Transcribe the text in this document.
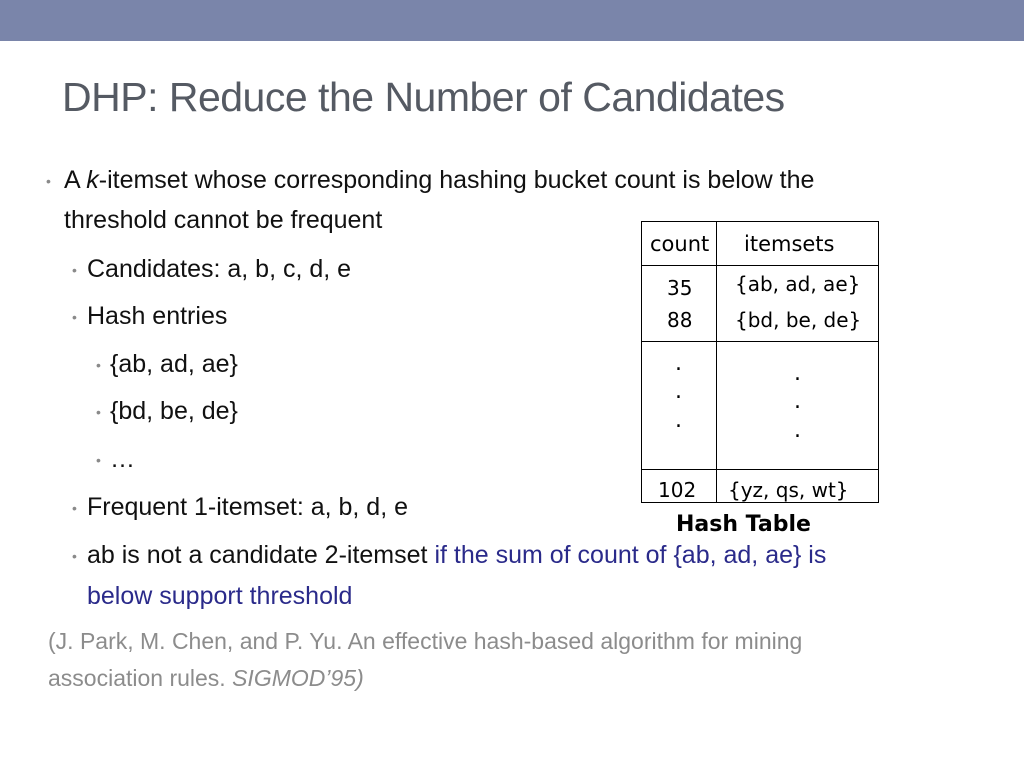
DHP: Reduce the Number of Candidates
• A k-itemset whose corresponding hashing bucket count is below the
threshold cannot be frequent
• Candidates: a, b, c, d, e
• Hash entries
• {ab, ad, ae}
• {bd, be, de}
• …
• Frequent 1-itemset: a, b, d, e
• ab is not a candidate 2-itemset if the sum of count of {ab, ad, ae} is
below support threshold
(J. Park, M. Chen, and P. Yu. An effective hash-based algorithm for mining
association rules. SIGMOD’95)
count itemsets
35 {ab, ad, ae}
88 {bd, be, de}
.
.
.
.
.
.
102 {yz, qs, wt}
Hash Table
